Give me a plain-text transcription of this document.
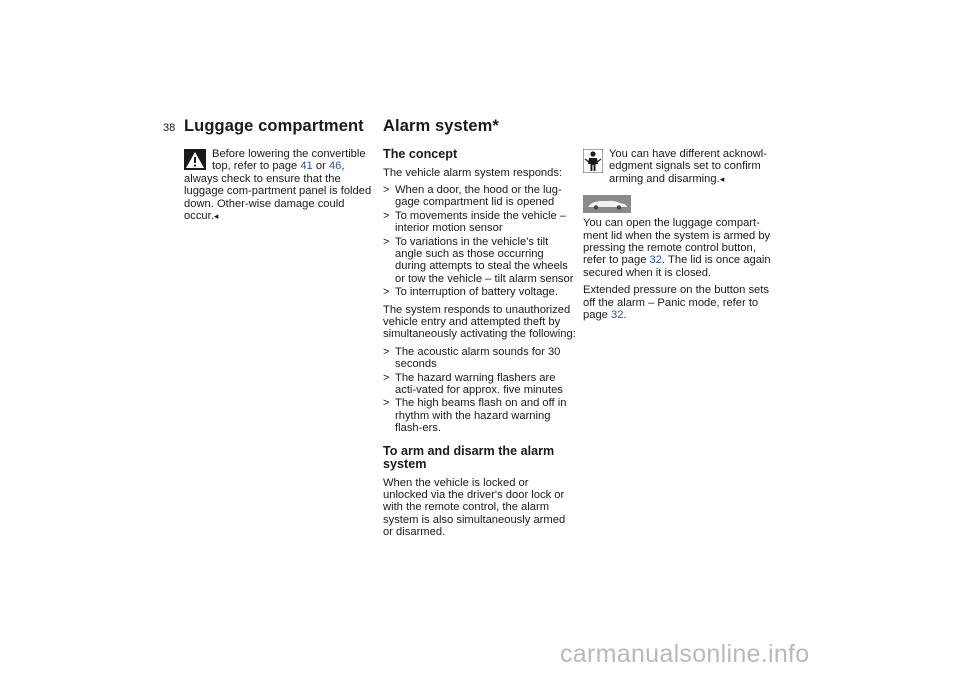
38 Luggage compartment Alarm system*

Before lowering the convertible top, refer to page 41 or 46, always check to ensure that the luggage com-partment panel is folded down. Other-wise damage could occur.◂

The concept

The vehicle alarm system responds:

> When a door, the hood or the lug-gage compartment lid is opened
> To movements inside the vehicle – interior motion sensor
> To variations in the vehicle's tilt angle such as those occurring during attempts to steal the wheels or tow the vehicle – tilt alarm sensor
> To interruption of battery voltage.

The system responds to unauthorized vehicle entry and attempted theft by simultaneously activating the following:

> The acoustic alarm sounds for 30 seconds
> The hazard warning flashers are acti-vated for approx. five minutes
> The high beams flash on and off in rhythm with the hazard warning flash-ers.

To arm and disarm the alarm system

When the vehicle is locked or unlocked via the driver's door lock or with the remote control, the alarm system is also simultaneously armed or disarmed.

You can have different acknowl-edgment signals set to confirm arming and disarming.◂

You can open the luggage compart-ment lid when the system is armed by pressing the remote control button, refer to page 32. The lid is once again secured when it is closed.

Extended pressure on the button sets off the alarm – Panic mode, refer to page 32.

carmanualsonline.info
